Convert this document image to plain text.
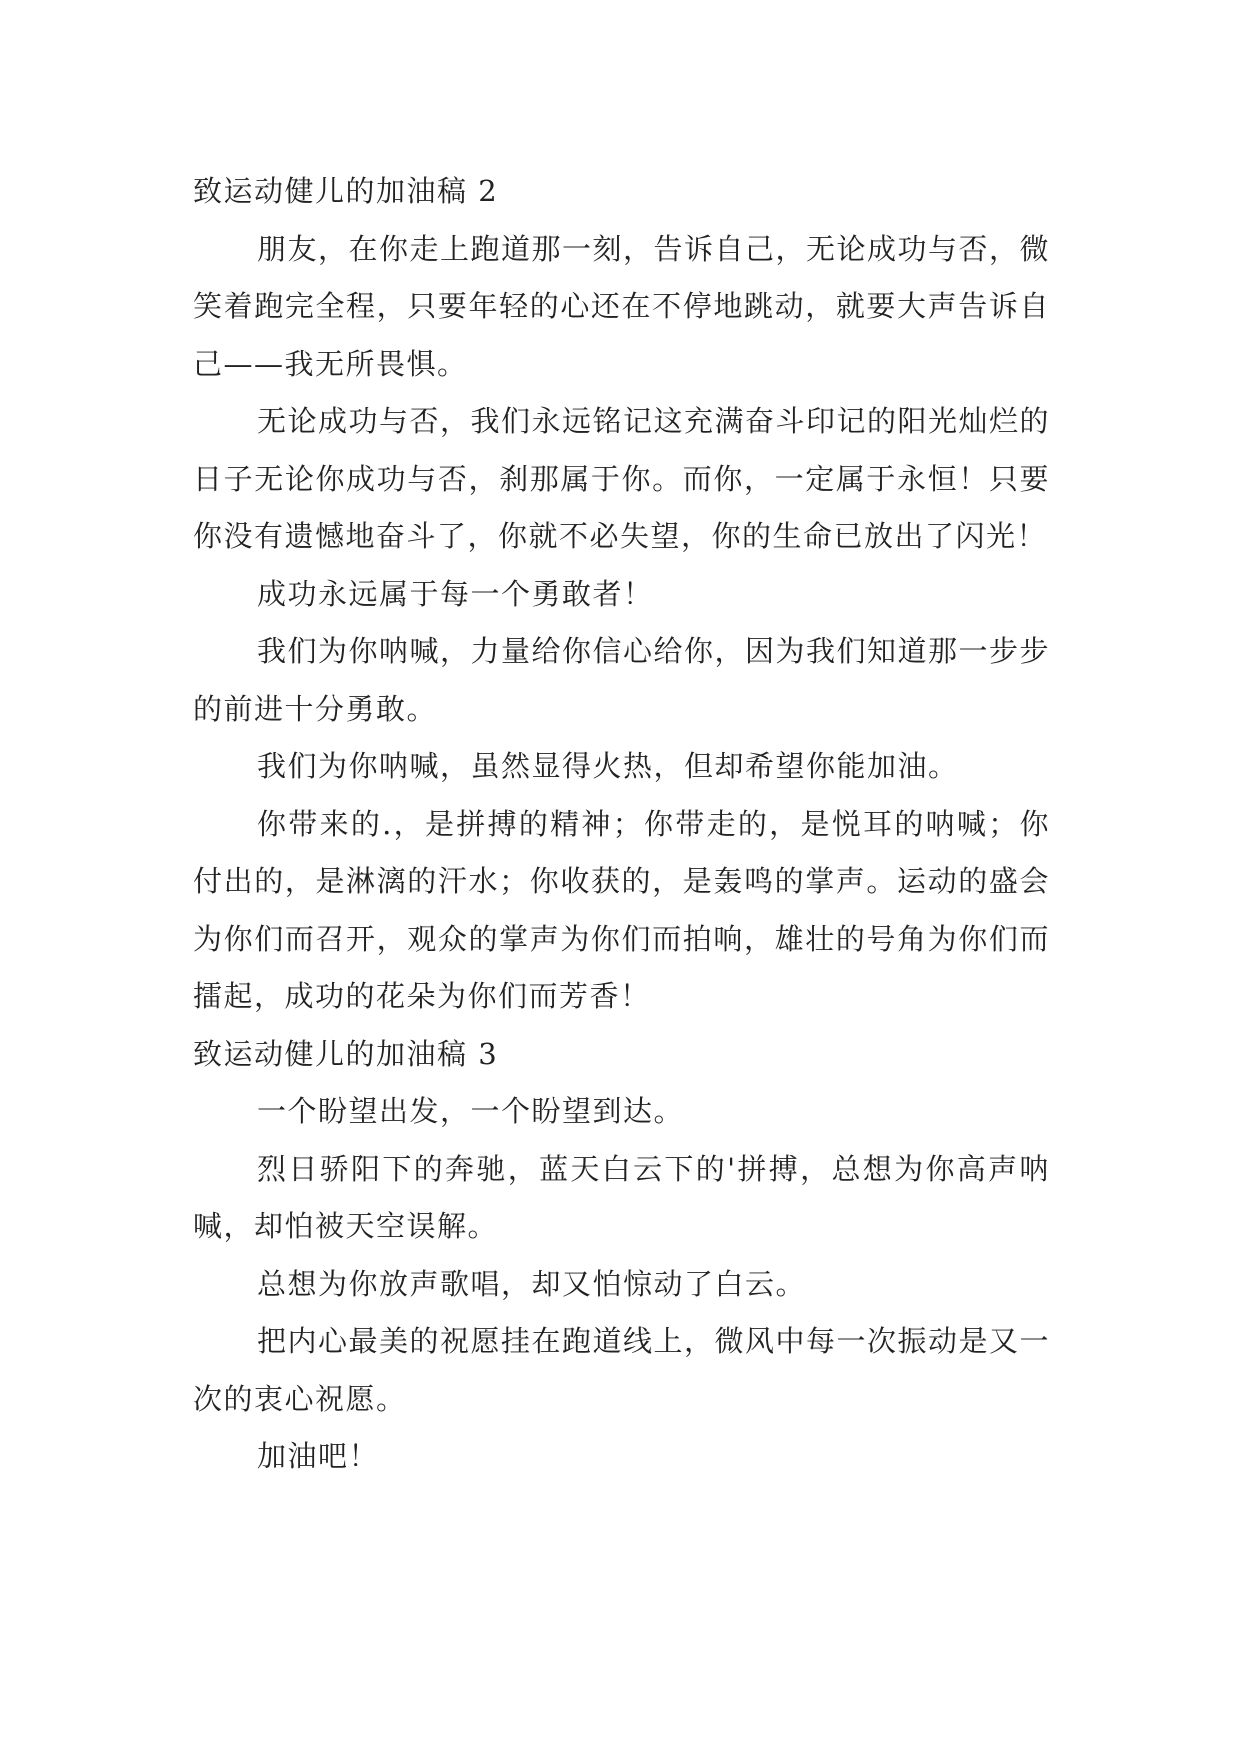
致运动健儿的加油稿 2

朋友，在你走上跑道那一刻，告诉自己，无论成功与否，微笑着跑完全程，只要年轻的心还在不停地跳动，就要大声告诉自己——我无所畏惧。

无论成功与否，我们永远铭记这充满奋斗印记的阳光灿烂的日子无论你成功与否，刹那属于你。而你，一定属于永恒！只要你没有遗憾地奋斗了，你就不必失望，你的生命已放出了闪光！

成功永远属于每一个勇敢者！

我们为你呐喊，力量给你信心给你，因为我们知道那一步步的前进十分勇敢。

我们为你呐喊，虽然显得火热，但却希望你能加油。

你带来的.，是拼搏的精神；你带走的，是悦耳的呐喊；你付出的，是淋漓的汗水；你收获的，是轰鸣的掌声。运动的盛会为你们而召开，观众的掌声为你们而拍响，雄壮的号角为你们而擂起，成功的花朵为你们而芳香！

致运动健儿的加油稿 3

一个盼望出发，一个盼望到达。

烈日骄阳下的奔驰，蓝天白云下的'拼搏，总想为你高声呐喊，却怕被天空误解。

总想为你放声歌唱，却又怕惊动了白云。

把内心最美的祝愿挂在跑道线上，微风中每一次振动是又一次的衷心祝愿。

加油吧！
